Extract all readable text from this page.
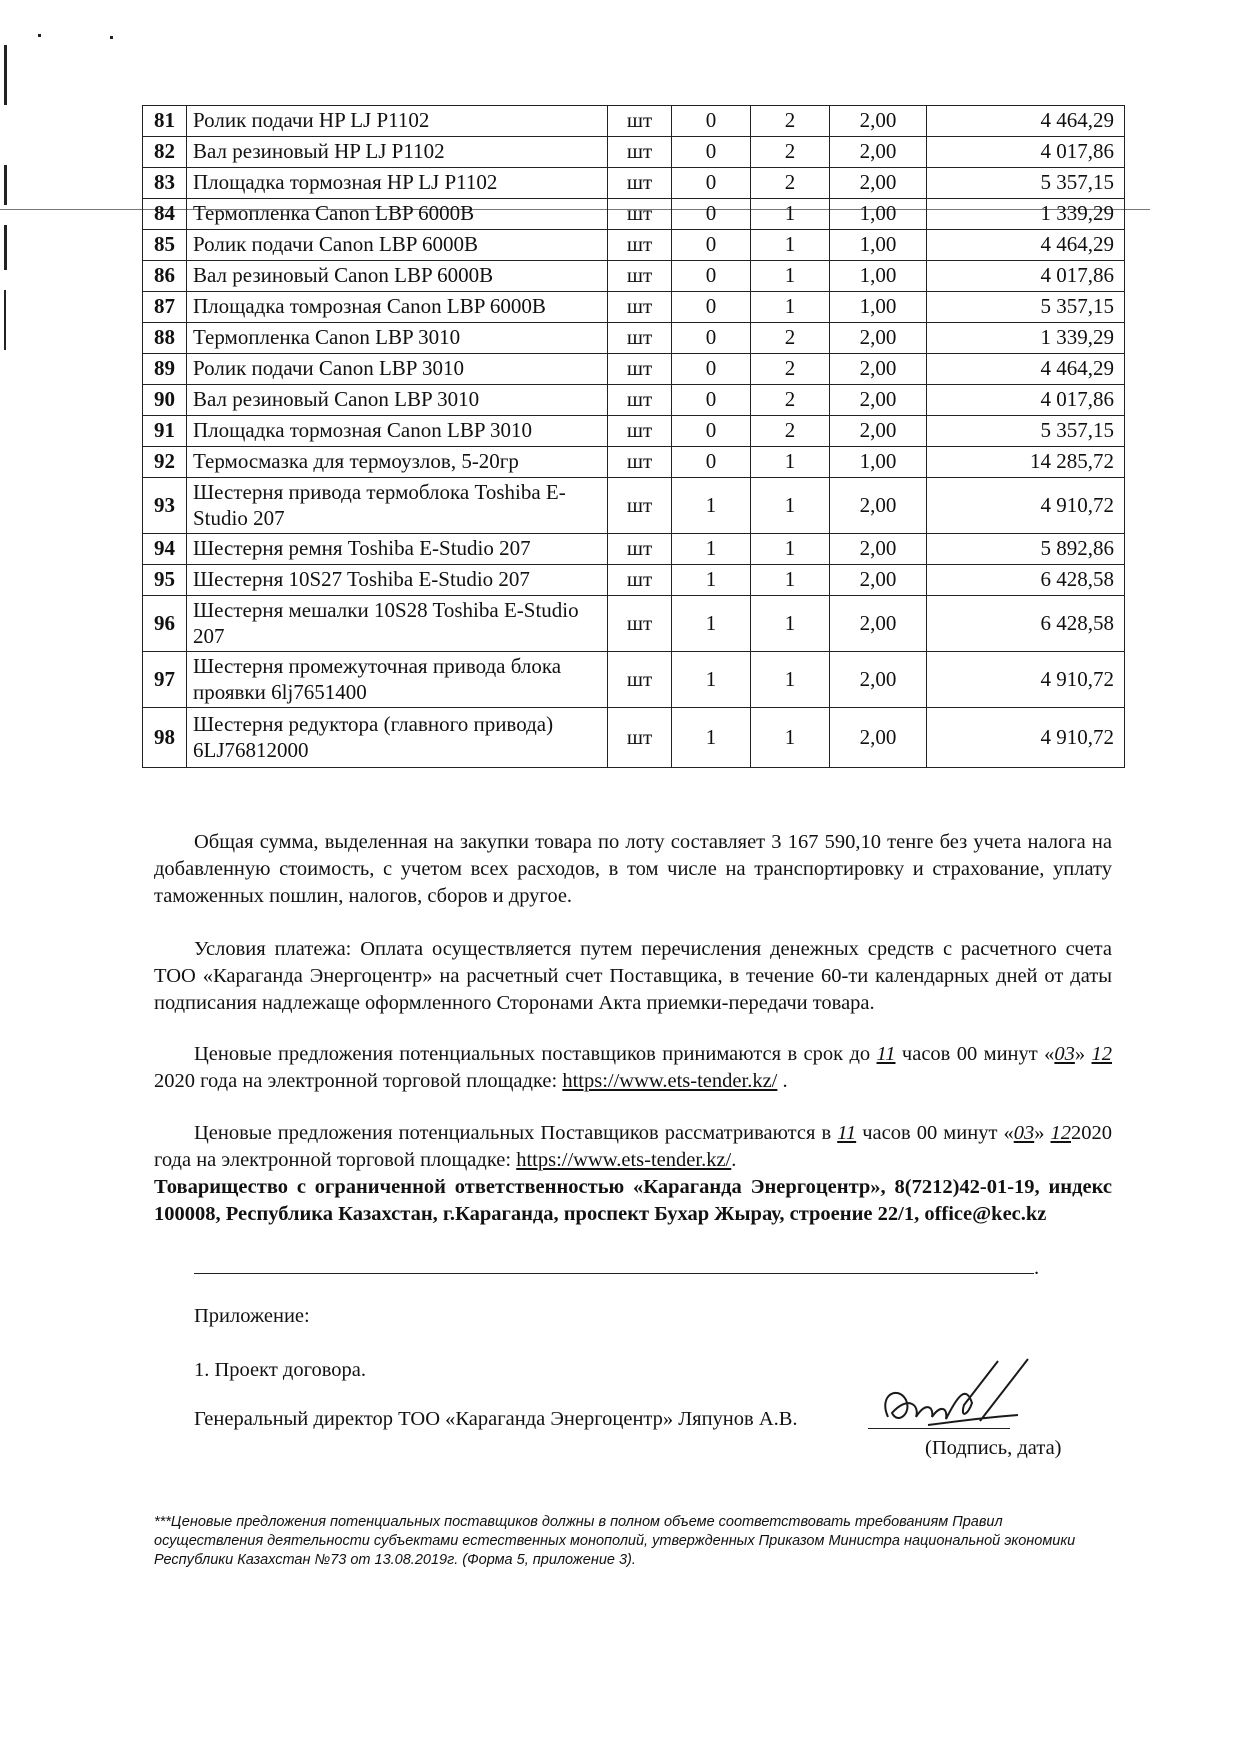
81	Ролик подачи HP LJ P1102	шт	0	2	2,00	4 464,29
82	Вал резиновый HP LJ P1102	шт	0	2	2,00	4 017,86
83	Площадка тормозная HP LJ P1102	шт	0	2	2,00	5 357,15
84	Термопленка Canon LBP 6000B	шт	0	1	1,00	1 339,29
85	Ролик подачи Canon LBP 6000B	шт	0	1	1,00	4 464,29
86	Вал резиновый Canon LBP 6000B	шт	0	1	1,00	4 017,86
87	Площадка томрозная Canon LBP 6000B	шт	0	1	1,00	5 357,15
88	Термопленка Canon LBP 3010	шт	0	2	2,00	1 339,29
89	Ролик подачи Canon LBP 3010	шт	0	2	2,00	4 464,29
90	Вал резиновый Canon LBP 3010	шт	0	2	2,00	4 017,86
91	Площадка тормозная Canon LBP 3010	шт	0	2	2,00	5 357,15
92	Термосмазка для термоузлов, 5-20гр	шт	0	1	1,00	14 285,72
93	Шестерня привода термоблока Toshiba E-Studio 207	шт	1	1	2,00	4 910,72
94	Шестерня ремня Toshiba E-Studio 207	шт	1	1	2,00	5 892,86
95	Шестерня 10S27 Toshiba E-Studio 207	шт	1	1	2,00	6 428,58
96	Шестерня мешалки 10S28 Toshiba E-Studio 207	шт	1	1	2,00	6 428,58
97	Шестерня промежуточная привода блока проявки 6lj7651400	шт	1	1	2,00	4 910,72
98	Шестерня редуктора (главного привода) 6LJ76812000	шт	1	1	2,00	4 910,72

Общая сумма, выделенная на закупки товара по лоту составляет 3 167 590,10 тенге без учета налога на добавленную стоимость, с учетом всех расходов, в том числе на транспортировку и страхование, уплату таможенных пошлин, налогов, сборов и другое.

Условия платежа: Оплата осуществляется путем перечисления денежных средств с расчетного счета ТОО «Караганда Энергоцентр» на расчетный счет Поставщика, в течение 60-ти календарных дней от даты подписания надлежаще оформленного Сторонами Акта приемки-передачи товара.

Ценовые предложения потенциальных поставщиков принимаются в срок до 11 часов 00 минут «03» 12 2020 года на электронной торговой площадке: https://www.ets-tender.kz/ .

Ценовые предложения потенциальных Поставщиков рассматриваются в 11 часов 00 минут «03» 122020 года на электронной торговой площадке: https://www.ets-tender.kz/.
Товарищество с ограниченной ответственностью «Караганда Энергоцентр», 8(7212)42-01-19, индекс 100008, Республика Казахстан, г.Караганда, проспект Бухар Жырау, строение 22/1, office@kec.kz

.

Приложение:

1. Проект договора.

Генеральный директор ТОО «Караганда Энергоцентр» Ляпунов А.В.

(Подпись, дата)

***Ценовые предложения потенциальных поставщиков должны в полном объеме соответствовать требованиям Правил осуществления деятельности субъектами естественных монополий, утвержденных Приказом Министра национальной экономики Республики Казахстан №73 от 13.08.2019г. (Форма 5, приложение 3).
